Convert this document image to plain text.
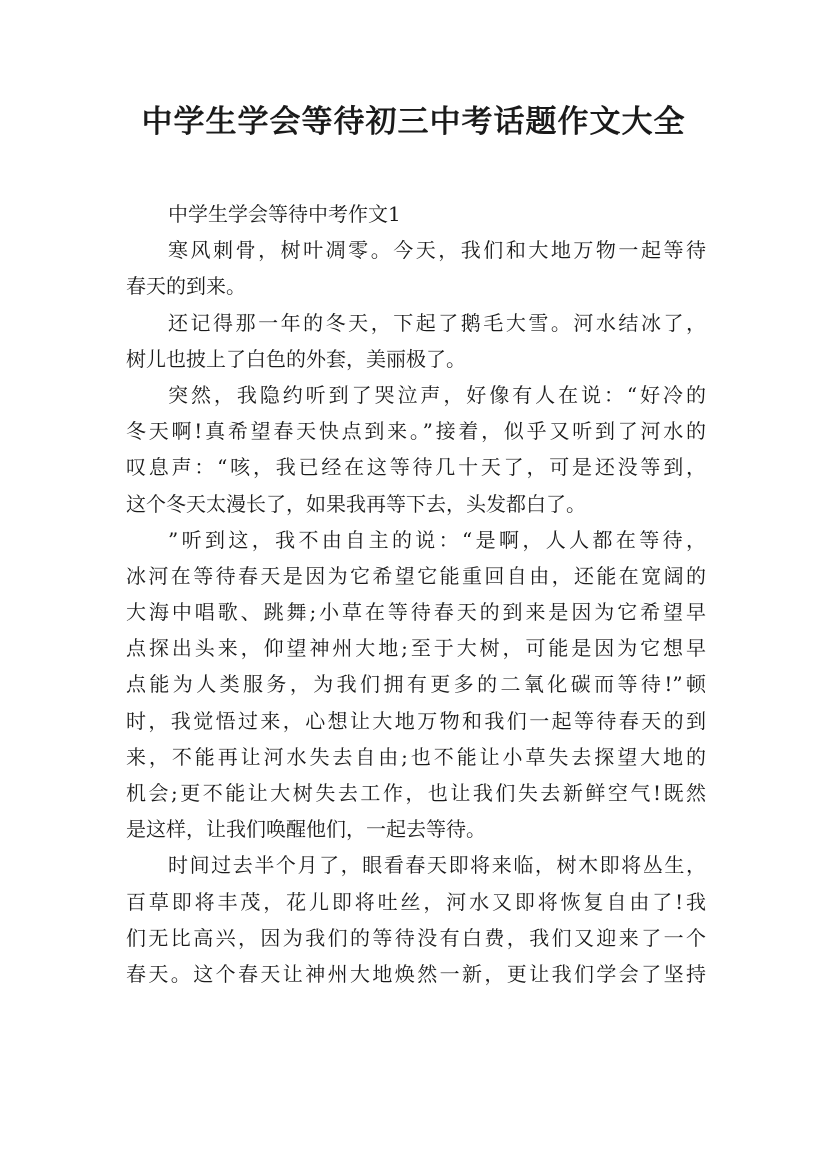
中学生学会等待初三中考话题作文大全
中学生学会等待中考作文1
寒风刺骨，树叶凋零。今天，我们和大地万物一起等待
春天的到来。
还记得那一年的冬天，下起了鹅毛大雪。河水结冰了，
树儿也披上了白色的外套，美丽极了。
突然，我隐约听到了哭泣声，好像有人在说：“好冷的
冬天啊!真希望春天快点到来。”接着，似乎又听到了河水的
叹息声：“咳，我已经在这等待几十天了，可是还没等到，
这个冬天太漫长了，如果我再等下去，头发都白了。
”听到这，我不由自主的说：“是啊，人人都在等待，
冰河在等待春天是因为它希望它能重回自由，还能在宽阔的
大海中唱歌、跳舞;小草在等待春天的到来是因为它希望早
点探出头来，仰望神州大地;至于大树，可能是因为它想早
点能为人类服务，为我们拥有更多的二氧化碳而等待!”顿
时，我觉悟过来，心想让大地万物和我们一起等待春天的到
来，不能再让河水失去自由;也不能让小草失去探望大地的
机会;更不能让大树失去工作，也让我们失去新鲜空气!既然
是这样，让我们唤醒他们，一起去等待。
时间过去半个月了，眼看春天即将来临，树木即将丛生，
百草即将丰茂，花儿即将吐丝，河水又即将恢复自由了!我
们无比高兴，因为我们的等待没有白费，我们又迎来了一个
春天。这个春天让神州大地焕然一新，更让我们学会了坚持
